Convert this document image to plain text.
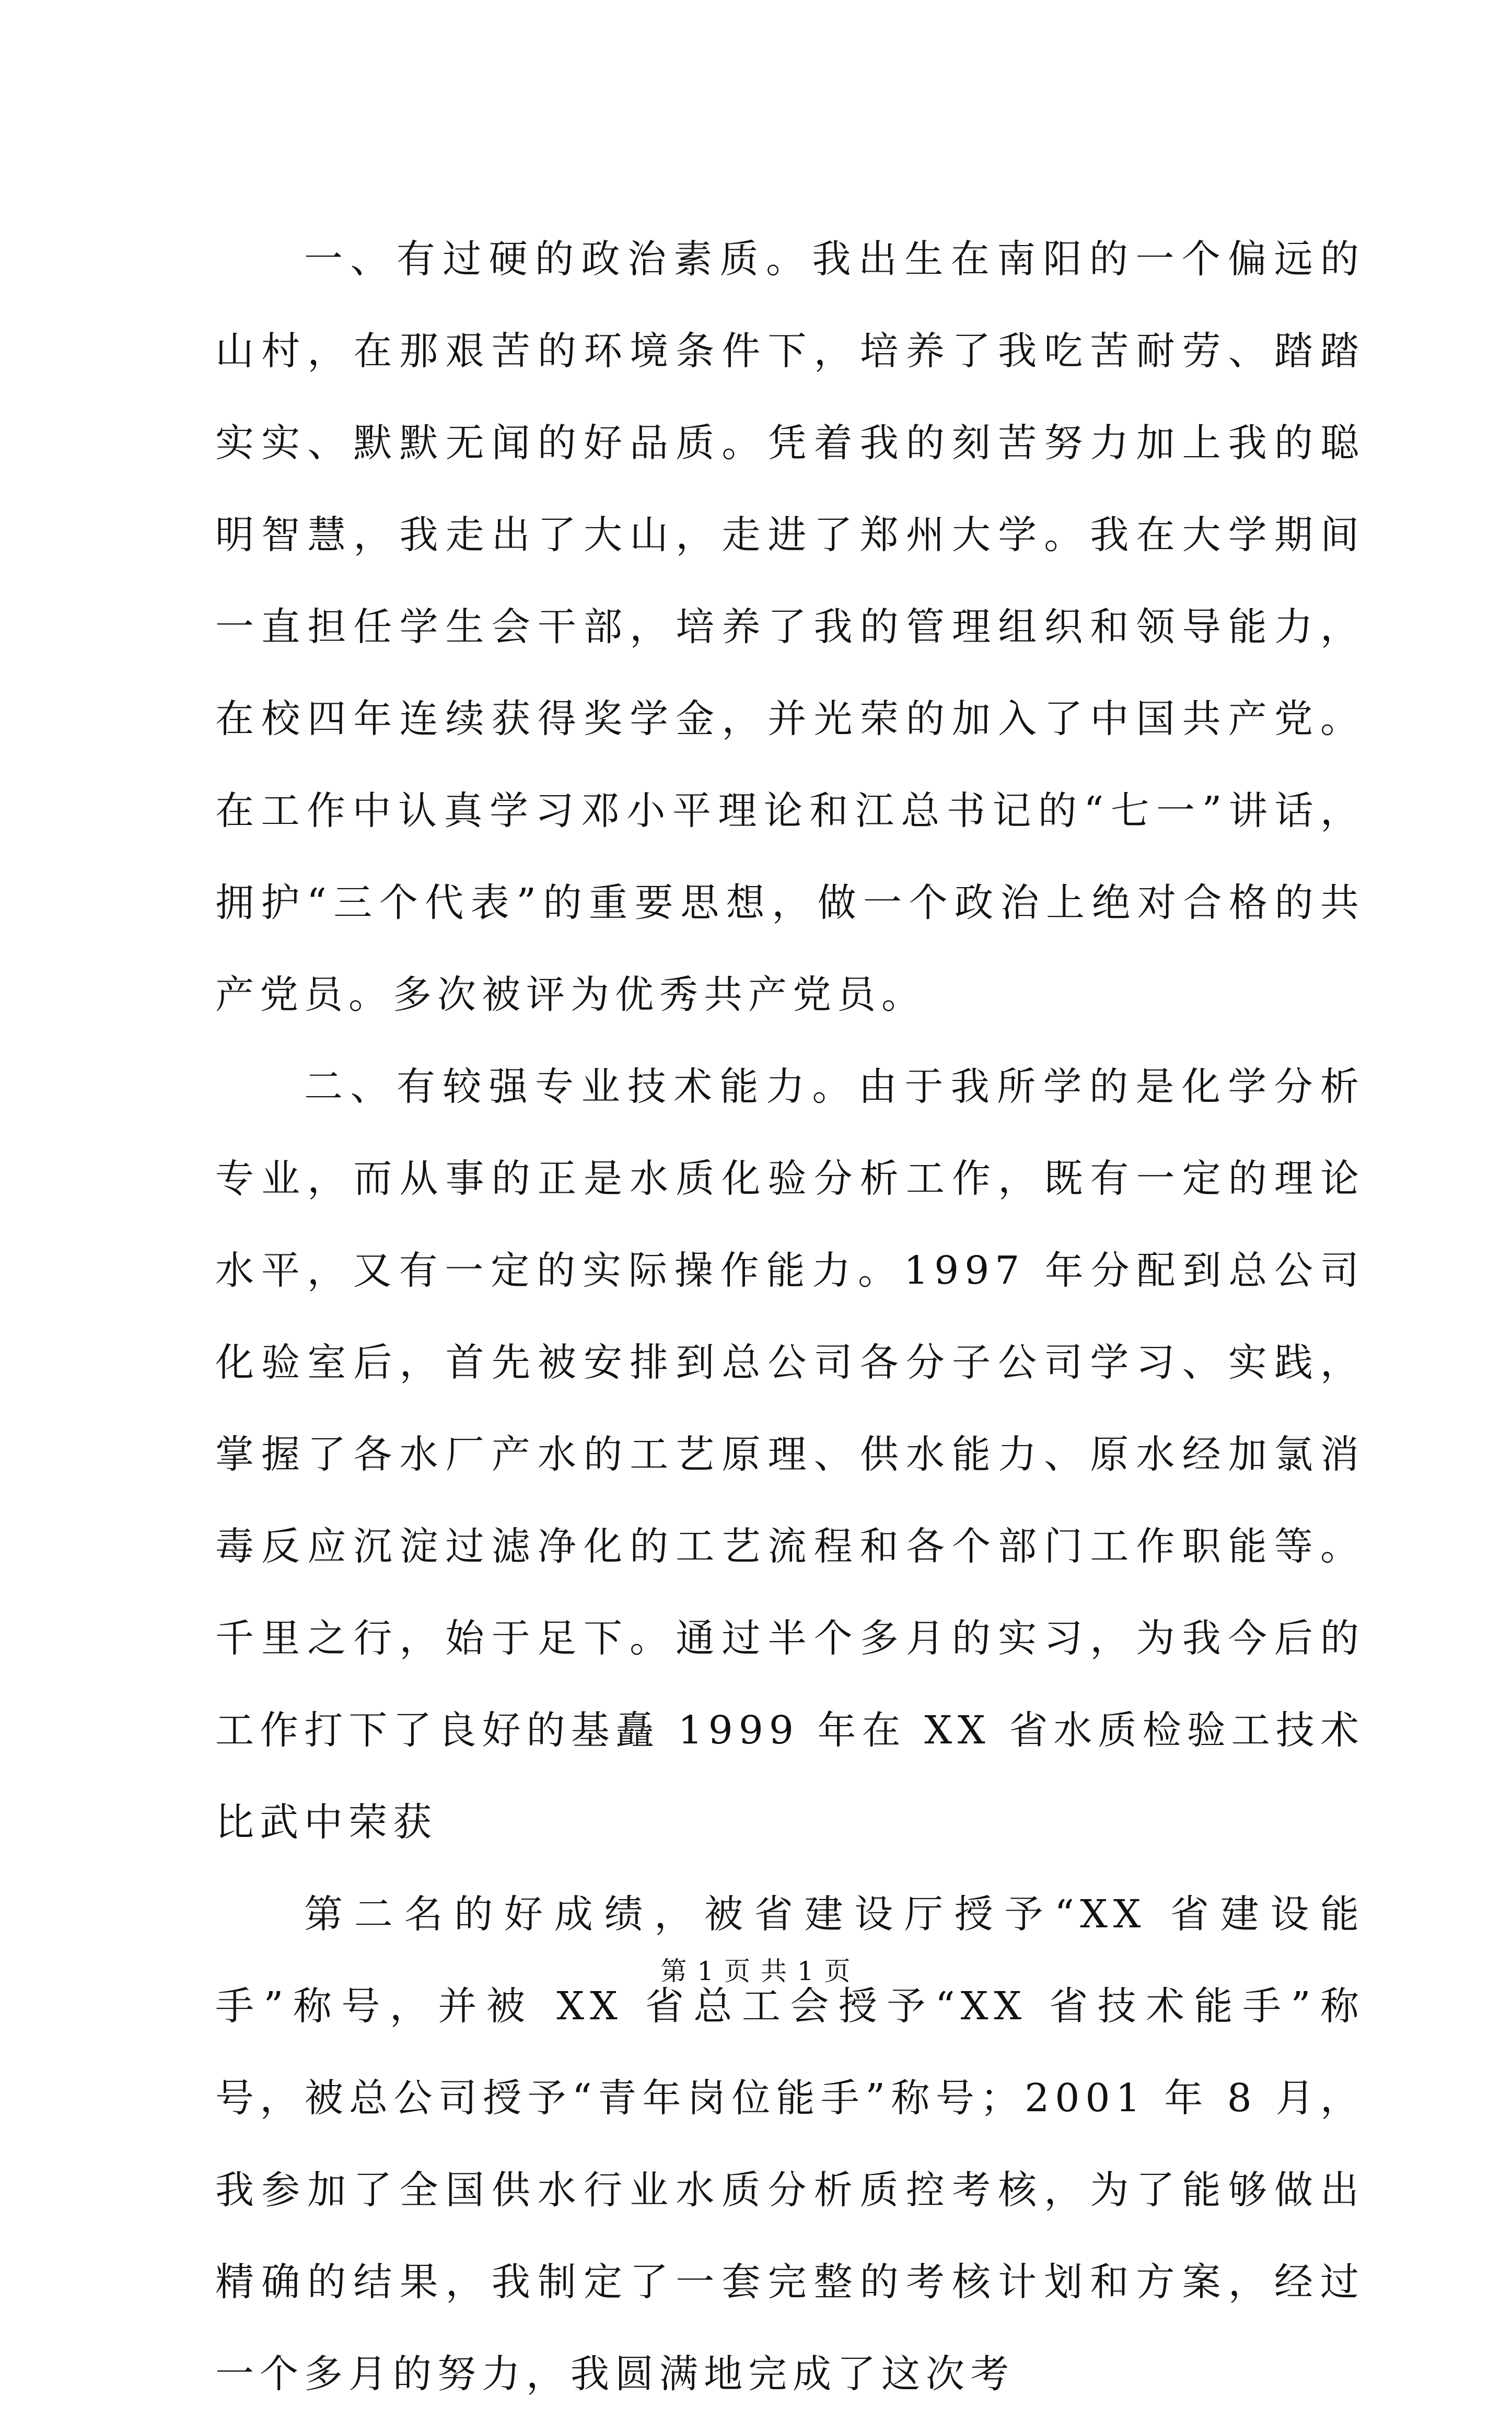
一、有过硬的政治素质。我出生在南阳的一个偏远的山村，在那艰苦的环境条件下，培养了我吃苦耐劳、踏踏实实、默默无闻的好品质。凭着我的刻苦努力加上我的聪明智慧，我走出了大山，走进了郑州大学。我在大学期间一直担任学生会干部，培养了我的管理组织和领导能力，在校四年连续获得奖学金，并光荣的加入了中国共产党。在工作中认真学习邓小平理论和江总书记的“七一”讲话，拥护“三个代表”的重要思想，做一个政治上绝对合格的共产党员。多次被评为优秀共产党员。

二、有较强专业技术能力。由于我所学的是化学分析专业，而从事的正是水质化验分析工作，既有一定的理论水平，又有一定的实际操作能力。1997 年分配到总公司化验室后，首先被安排到总公司各分子公司学习、实践，掌握了各水厂产水的工艺原理、供水能力、原水经加氯消毒反应沉淀过滤净化的工艺流程和各个部门工作职能等。千里之行，始于足下。通过半个多月的实习，为我今后的工作打下了良好的基矗 1999 年在 XX 省水质检验工技术比武中荣获

第二名的好成绩，被省建设厅授予“XX 省建设能手”称号，并被 XX 省总工会授予“XX 省技术能手”称号，被总公司授予“青年岗位能手”称号；2001 年 8 月，我参加了全国供水行业水质分析质控考核，为了能够做出精确的结果，我制定了一套完整的考核计划和方案，经过一个多月的努力，我圆满地完成了这次考

第 1 页 共 1 页
